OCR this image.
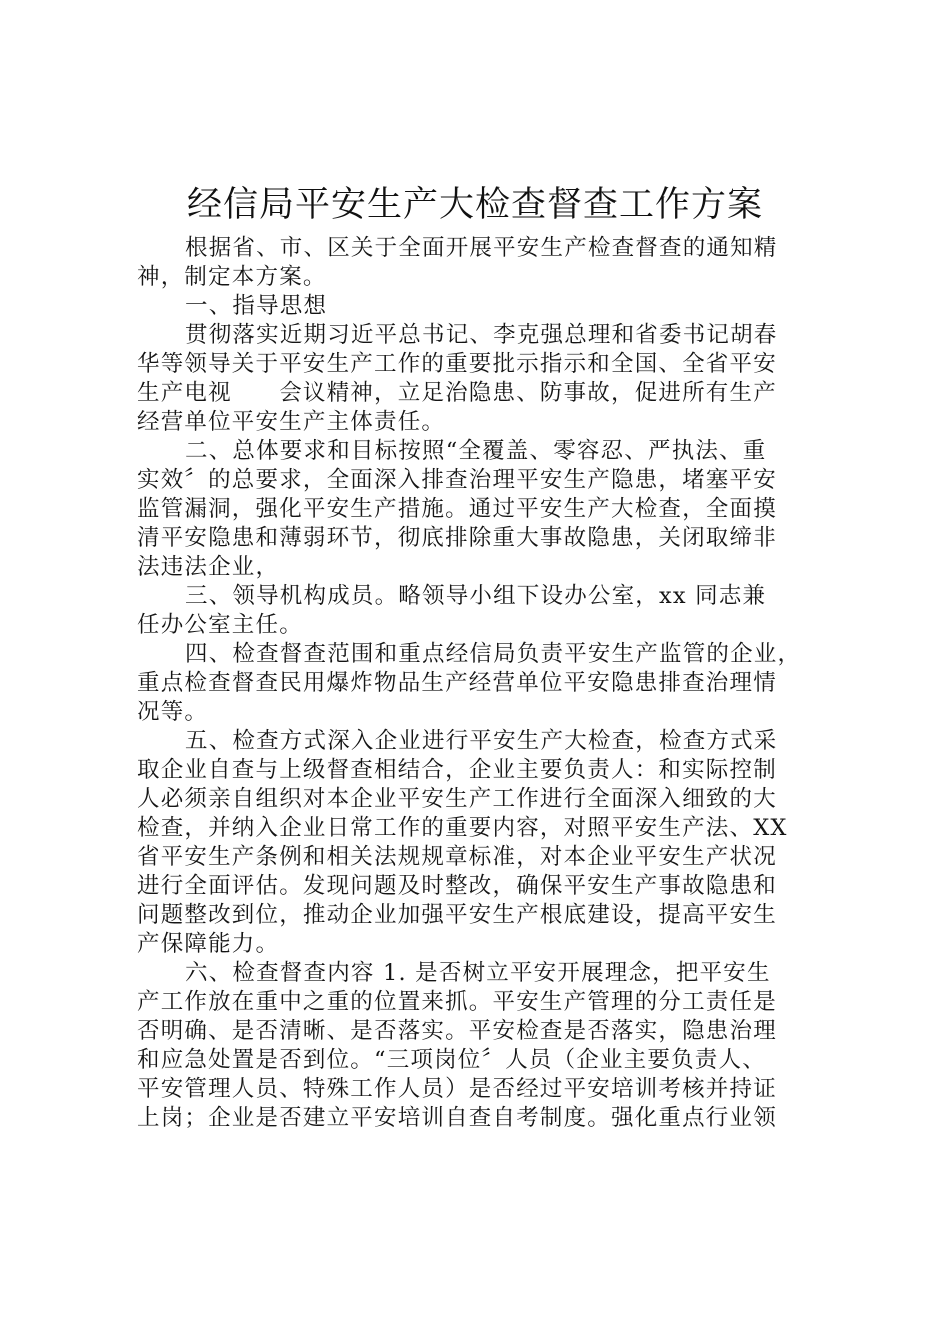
经信局平安生产大检查督查工作方案
根据省、市、区关于全面开展平安生产检查督查的通知精
神，制定本方案。
一、指导思想
贯彻落实近期习近平总书记、李克强总理和省委书记胡春
华等领导关于平安生产工作的重要批示指示和全国、全省平安
生产电视　　会议精神，立足治隐患、防事故，促进所有生产
经营单位平安生产主体责任。
二、总体要求和目标按照“全覆盖、零容忍、严执法、重
实效〞的总要求，全面深入排查治理平安生产隐患，堵塞平安
监管漏洞，强化平安生产措施。通过平安生产大检查，全面摸
清平安隐患和薄弱环节，彻底排除重大事故隐患，关闭取缔非
法违法企业，
三、领导机构成员。略领导小组下设办公室，xx 同志兼
任办公室主任。
四、检查督查范围和重点经信局负责平安生产监管的企业，
重点检查督查民用爆炸物品生产经营单位平安隐患排查治理情
况等。
五、检查方式深入企业进行平安生产大检查，检查方式采
取企业自查与上级督查相结合，企业主要负责人：和实际控制
人必须亲自组织对本企业平安生产工作进行全面深入细致的大
检查，并纳入企业日常工作的重要内容，对照平安生产法、XX
省平安生产条例和相关法规规章标准，对本企业平安生产状况
进行全面评估。发现问题及时整改，确保平安生产事故隐患和
问题整改到位，推动企业加强平安生产根底建设，提高平安生
产保障能力。
六、检查督查内容 1. 是否树立平安开展理念，把平安生
产工作放在重中之重的位置来抓。平安生产管理的分工责任是
否明确、是否清晰、是否落实。平安检查是否落实，隐患治理
和应急处置是否到位。“三项岗位〞人员（企业主要负责人、
平安管理人员、特殊工作人员）是否经过平安培训考核并持证
上岗；企业是否建立平安培训自查自考制度。强化重点行业领
